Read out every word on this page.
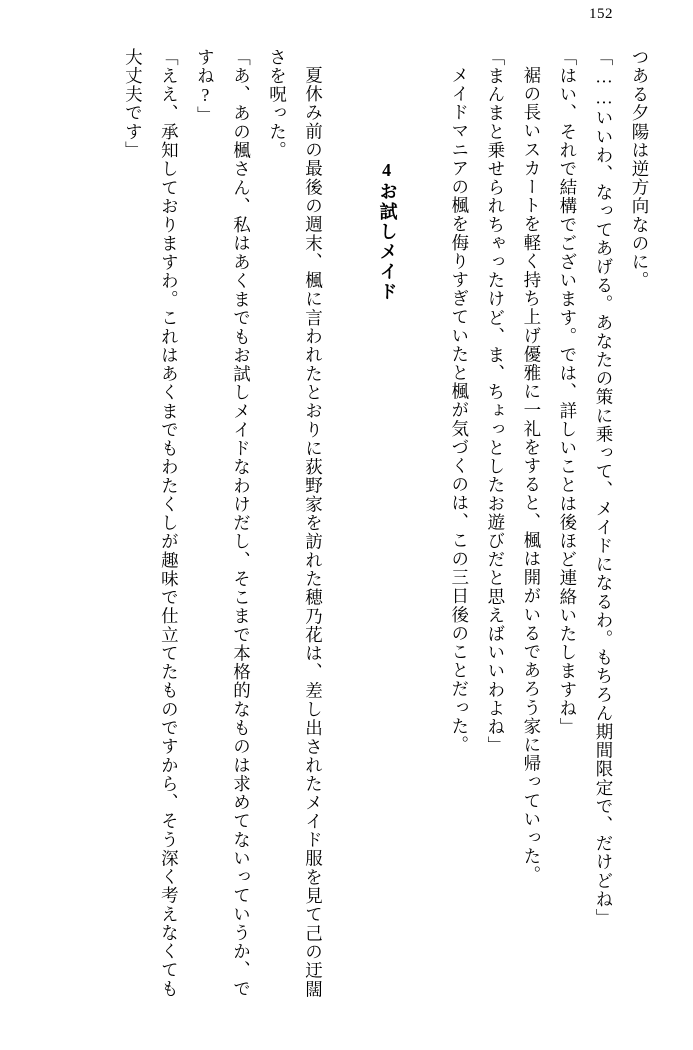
152

つある夕陽は逆方向なのに。

「……いいわ、なってあげる。あなたの策に乗って、メイドになるわ。もちろん期間限定で、だけどね」

「はい、それで結構でございます。では、詳しいことは後ほど連絡いたしますね」

裾の長いスカートを軽く持ち上げ優雅に一礼をすると、楓は開がいるであろう家に帰っていった。

「まんまと乗せられちゃったけど、ま、ちょっとしたお遊びだと思えばいいわよね」

メイドマニアの楓を侮りすぎていたと楓が気づくのは、この三日後のことだった。

4お試しメイド

夏休み前の最後の週末、楓に言われたとおりに荻野家を訪れた穂乃花は、差し出されたメイド服を見て己の迂闊さを呪った。

「あ、あの楓さん、私はあくまでもお試しメイドなわけだし、そこまで本格的なものは求めてないっていうか、ですね?」

「ええ、承知しておりますわ。これはあくまでもわたくしが趣味で仕立てたものですから、そう深く考えなくても大丈夫です」
